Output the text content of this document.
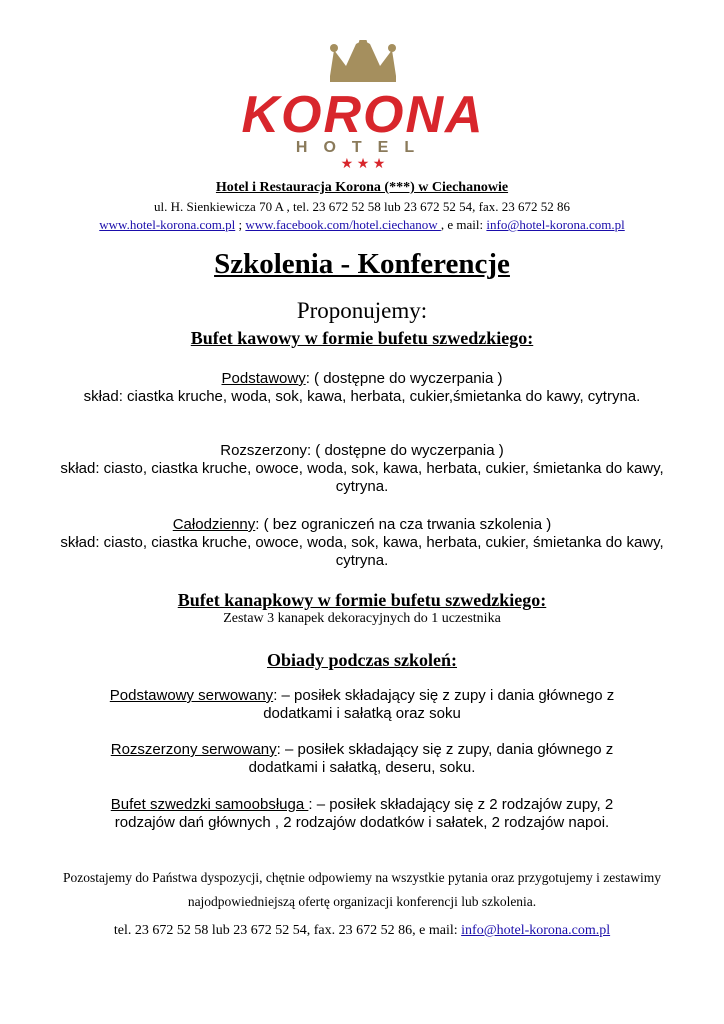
KORONA
HOTEL
★ ★ ★
Hotel i Restauracja Korona (***) w Ciechanowie
ul. H. Sienkiewicza 70 A , tel. 23 672 52 58 lub 23 672 52 54, fax. 23 672 52 86
www.hotel-korona.com.pl ; www.facebook.com/hotel.ciechanow , e mail: info@hotel-korona.com.pl
Szkolenia - Konferencje
Proponujemy:
Bufet kawowy w formie bufetu szwedzkiego:
Podstawowy: ( dostępne do wyczerpania )
skład: ciastka kruche, woda, sok, kawa, herbata, cukier,śmietanka do kawy, cytryna.
Rozszerzony: ( dostępne do wyczerpania )
skład: ciasto, ciastka kruche, owoce, woda, sok, kawa, herbata, cukier, śmietanka do kawy, cytryna.
Całodzienny: ( bez ograniczeń na cza trwania szkolenia )
skład: ciasto, ciastka kruche, owoce, woda, sok, kawa, herbata, cukier, śmietanka do kawy, cytryna.
Bufet kanapkowy w formie bufetu szwedzkiego:
Zestaw 3 kanapek dekoracyjnych do 1 uczestnika
Obiady podczas szkoleń:
Podstawowy serwowany: – posiłek składający się z zupy i dania głównego z dodatkami i sałatką oraz soku
Rozszerzony serwowany: – posiłek składający się z zupy, dania głównego z dodatkami i sałatką, deseru, soku.
Bufet szwedzki samoobsługa : – posiłek składający się z 2 rodzajów zupy, 2 rodzajów dań głównych , 2 rodzajów dodatków i sałatek, 2 rodzajów napoi.
Pozostajemy do Państwa dyspozycji, chętnie odpowiemy na wszystkie pytania oraz przygotujemy i zestawimy najodpowiedniejszą ofertę organizacji konferencji lub szkolenia.
tel. 23 672 52 58 lub 23 672 52 54, fax. 23 672 52 86, e mail: info@hotel-korona.com.pl
